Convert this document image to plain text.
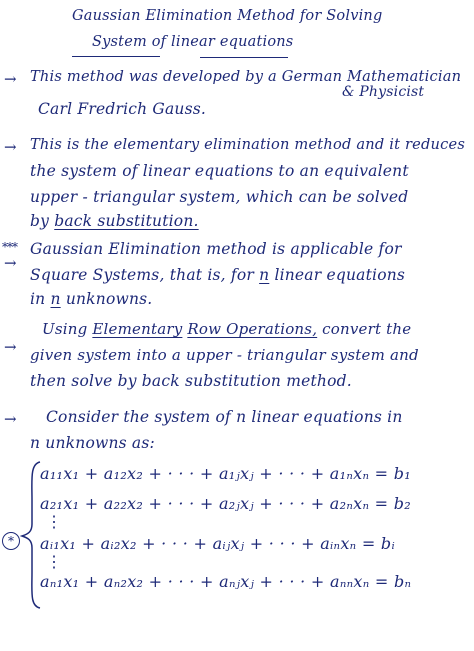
Gaussian Elimination Method for Solving
System of linear equations
→ This method was developed by a German Mathematician
& Physicist
Carl Fredrich Gauss.
→ This is the elementary elimination method and it reduces
the system of linear equations to an equivalent
upper - triangular system, which can be solved
by back substitution.
***
→
Gaussian Elimination method is applicable for
Square Systems, that is, for n linear equations
in n unknowns.
→
Using Elementary Row Operations, convert the
given system into a upper - triangular system and
then solve by back substitution method.
→ Consider the system of n linear equations in
n unknowns as:
*
a₁₁x₁ + a₁₂x₂ + · · · + a₁ⱼxⱼ + · · · + a₁ₙxₙ = b₁
a₂₁x₁ + a₂₂x₂ + · · · + a₂ⱼxⱼ + · · · + a₂ₙxₙ = b₂
⋮
aᵢ₁x₁ + aᵢ₂x₂ + · · · + aᵢⱼxⱼ + · · · + aᵢₙxₙ = bᵢ
⋮
aₙ₁x₁ + aₙ₂x₂ + · · · + aₙⱼxⱼ + · · · + aₙₙxₙ = bₙ
